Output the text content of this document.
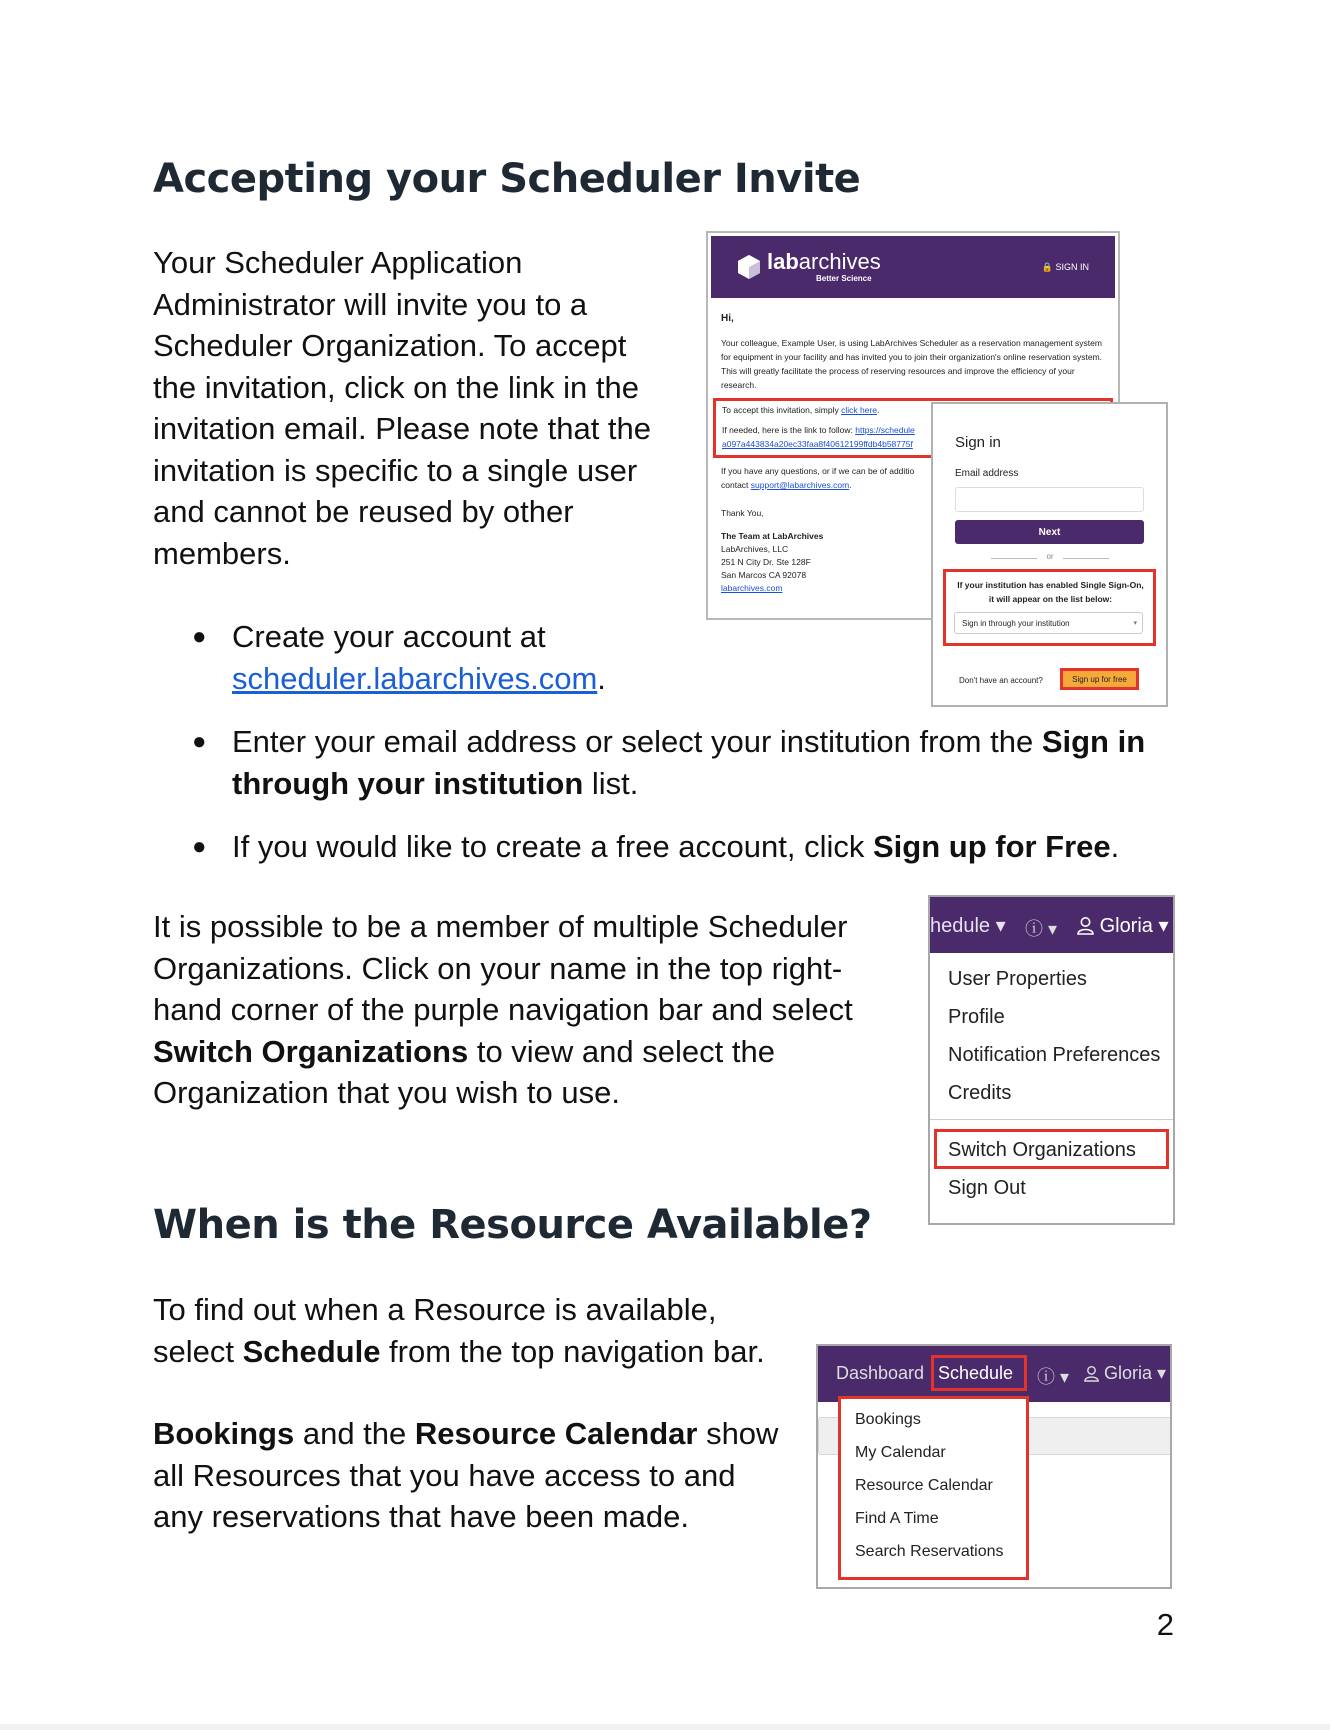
Accepting your Scheduler Invite

Your Scheduler Application Administrator will invite you to a Scheduler Organization. To accept the invitation, click on the link in the invitation email. Please note that the invitation is specific to a single user and cannot be reused by other members.

● Create your account at scheduler.labarchives.com.
● Enter your email address or select your institution from the Sign in through your institution list.
● If you would like to create a free account, click Sign up for Free.

It is possible to be a member of multiple Scheduler Organizations. Click on your name in the top right-hand corner of the purple navigation bar and select Switch Organizations to view and select the Organization that you wish to use.

When is the Resource Available?

To find out when a Resource is available, select Schedule from the top navigation bar.

Bookings and the Resource Calendar show all Resources that you have access to and any reservations that have been made.

2
labarchives
Better Science
🔒 SIGN IN

Hi,

Your colleague, Example User, is using LabArchives Scheduler as a reservation management system for equipment in your facility and has invited you to join their organization's online reservation system. This will greatly facilitate the process of reserving resources and improve the efficiency of your research.

To accept this invitation, simply click here.

If needed, here is the link to follow: https://schedule
a097a443834a20ec33faa8f40612199ffdb4b58775f

If you have any questions, or if we can be of additio
contact support@labarchives.com.

Thank You,

The Team at LabArchives
LabArchives, LLC
251 N City Dr. Ste 128F
San Marcos CA 92078
labarchives.com

Sign in
Email address
Next
or
If your institution has enabled Single Sign-On, it will appear on the list below:
Sign in through your institution	▾
Don't have an account?	Sign up for free
hedule ▾ ⓘ ▾	Gloria ▾
User Properties
Profile
Notification Preferences
Credits
Switch Organizations
Sign Out
Dashboard Schedule	ⓘ ▾	Gloria ▾
Bookings
My Calendar
Resource Calendar
Find A Time
Search Reservations
